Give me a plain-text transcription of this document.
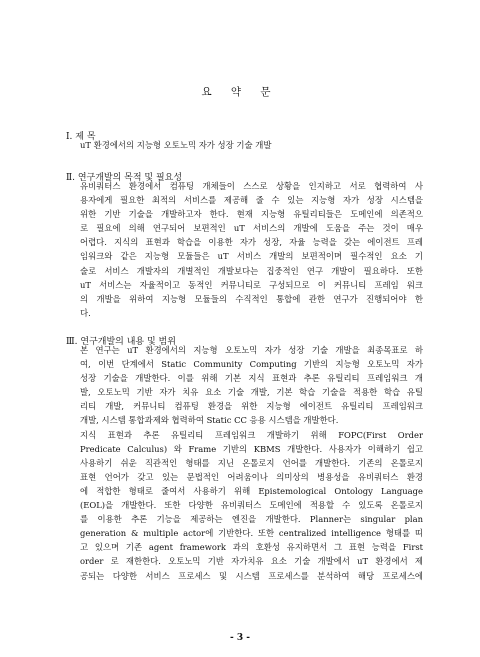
요 약 문
Ⅰ. 제 목
uT 환경에서의 지능형 오토노믹 자가 성장 기술 개발
Ⅱ. 연구개발의 목적 및 필요성
유비쿼터스 환경에서 컴퓨팅 개체들이 스스로 상황을 인지하고 서로 협력하여 사
용자에게 필요한 최적의 서비스를 제공해 줄 수 있는 지능형 자가 성장 시스템을
위한 기반 기술을 개발하고자 한다. 현재 지능형 유틸리티들은 도메인에 의존적으
로 필요에 의해 연구되어 보편적인 uT 서비스의 개발에 도움을 주는 것이 매우
어렵다. 지식의 표현과 학습을 이용한 자가 성장, 자율 능력을 갖는 에이전트 프레
임워크와 같은 지능형 모듈들은 uT 서비스 개발의 보편적이며 필수적인 요소 기
술로 서비스 개발자의 개별적인 개발보다는 집중적인 연구 개발이 필요하다. 또한
uT 서비스는 자율적이고 동적인 커뮤니티로 구성되므로 이 커뮤니티 프레임 워크
의 개발을 위하여 지능형 모듈들의 수직적인 통합에 관한 연구가 진행되어야 한
다.
Ⅲ. 연구개발의 내용 및 범위
본 연구는 uT 환경에서의 지능형 오토노믹 자가 성장 기술 개발을 최종목표로 하
여, 이번 단계에서 Static Community Computing 기반의 지능형 오토노믹 자가
성장 기술을 개발한다. 이를 위해 기본 지식 표현과 추론 유틸리티 프레임워크 개
발, 오토노믹 기반 자가 치유 요소 기술 개발, 기본 학습 기술을 적용한 학습 유틸
리티 개발, 커뮤니티 컴퓨팅 환경을 위한 지능형 에이전트 유틸리티 프레임워크
개발, 시스템 통합과제와 협력하여 Static CC 응용 시스템을 개발한다.
지식 표현과 추론 유틸리티 프레임워크 개발하기 위해 FOPC(First Order
Predicate Calculus) 와 Frame 기반의 KBMS 개발한다. 사용자가 이해하기 쉽고
사용하기 쉬운 직관적인 형태를 지닌 온톨로지 언어를 개발한다. 기존의 온톨로지
표현 언어가 갖고 있는 문법적인 어려움이나 의미상의 병용성을 유비쿼터스 환경
에 적합한 형태로 줄여서 사용하기 위해 Epistemological Ontology Language
(EOL)을 개발한다. 또한 다양한 유비쿼터스 도메인에 적용할 수 있도록 온톨로지
를 이용한 추론 기능을 제공하는 엔진을 개발한다. Planner는 singular plan
generation & multiple actor에 기반한다. 또한 centralized intelligence 형태를 띠
고 있으며 기존 agent framework 과의 호환성 유지하면서 그 표현 능력을 First
order 로 재한한다. 오토노믹 기반 자가치유 요소 기술 개발에서 uT 환경에서 제
공되는 다양한 서비스 프로세스 및 시스템 프로세스를 분석하여 해당 프로세스에
- 3 -
